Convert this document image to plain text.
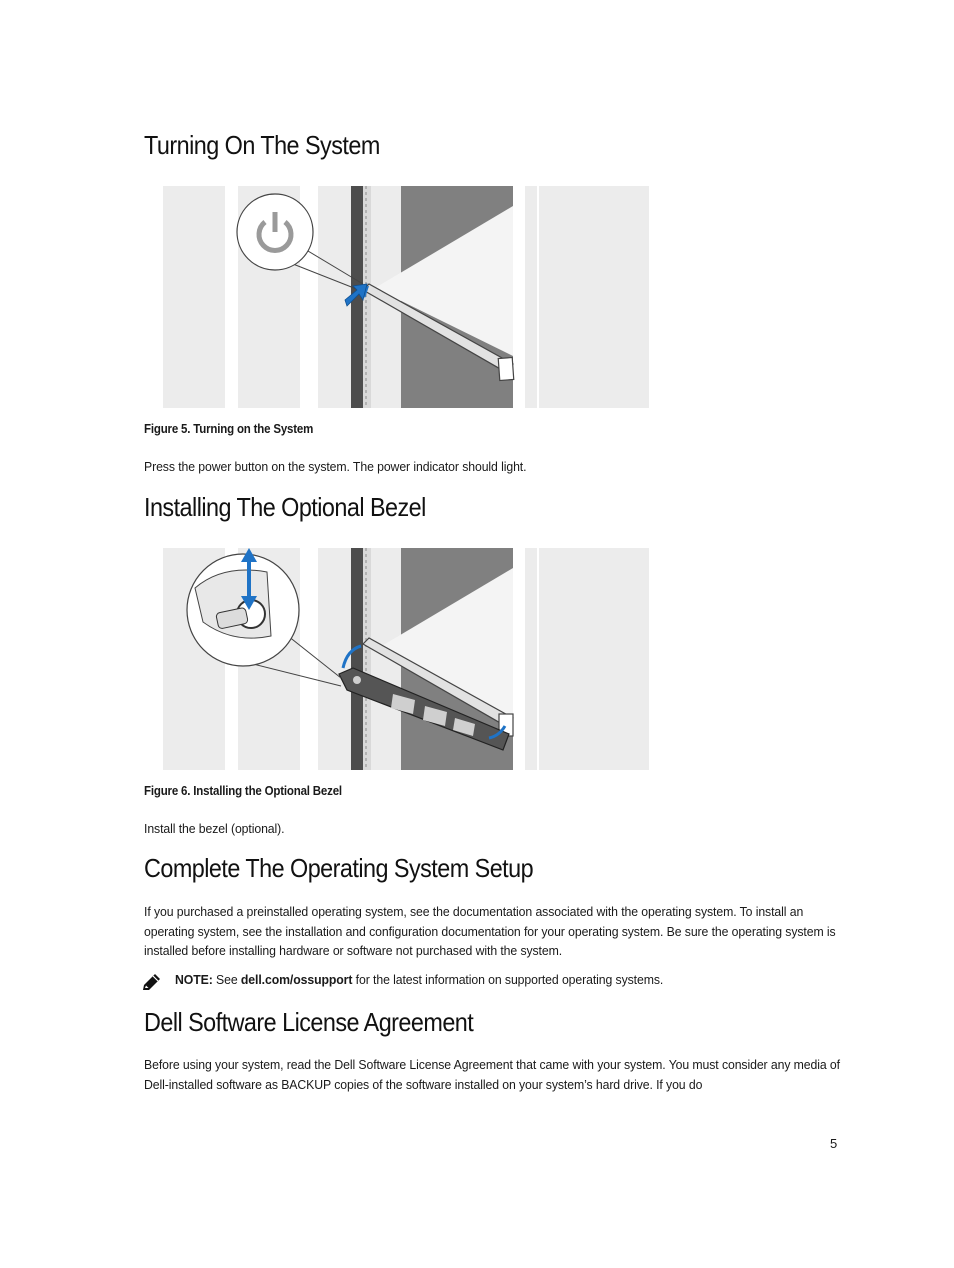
Turning On The System

Figure 5. Turning on the System

Press the power button on the system. The power indicator should light.

Installing The Optional Bezel

Figure 6. Installing the Optional Bezel

Install the bezel (optional).

Complete The Operating System Setup

If you purchased a preinstalled operating system, see the documentation associated with the operating system. To install an operating system, see the installation and configuration documentation for your operating system. Be sure the operating system is installed before installing hardware or software not purchased with the system.

NOTE: See dell.com/ossupport for the latest information on supported operating systems.

Dell Software License Agreement

Before using your system, read the Dell Software License Agreement that came with your system. You must consider any media of Dell-installed software as BACKUP copies of the software installed on your system’s hard drive. If you do

5
